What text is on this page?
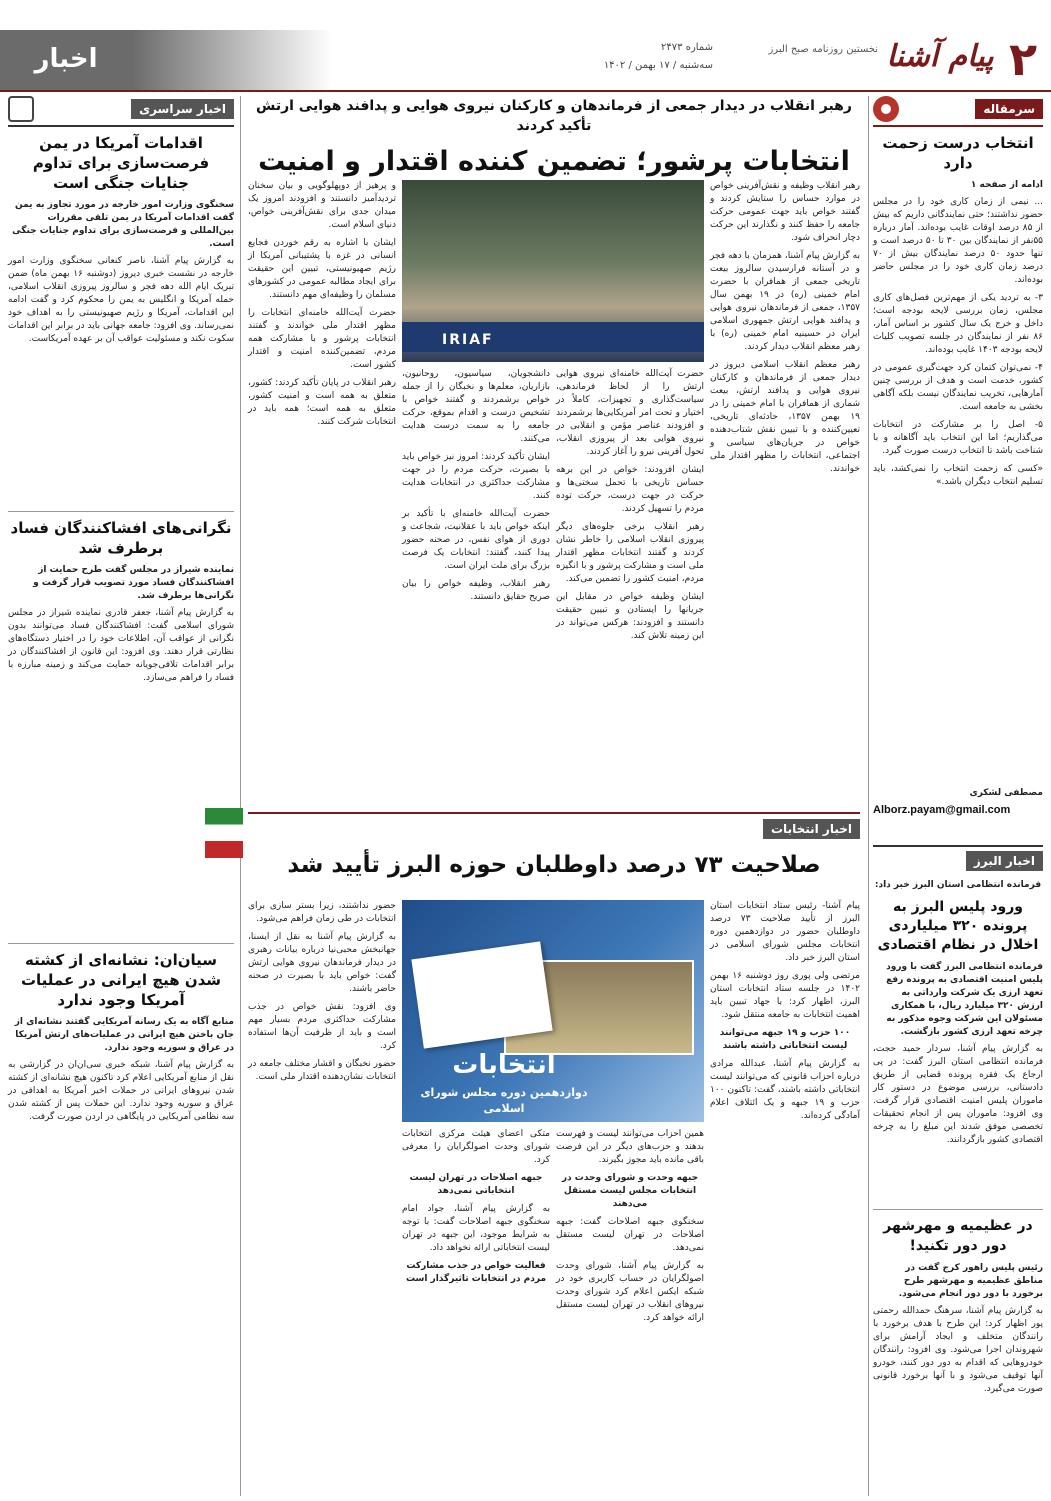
۲
پیام آشنا
نخستین روزنامه صبح البرز
شماره ۲۴۷۳
سه‌شنبه / ۱۷ بهمن / ۱۴۰۲
اخبار
سرمقاله
انتخاب درست زحمت دارد
ادامه از صفحه ۱

... نیمی از زمان کاری خود را در مجلس حضور نداشتند؛ حتی نمایندگانی داریم که بیش از ۸۵ درصد اوقات غایب بوده‌اند. آمار درباره ۵۵نفر از نمایندگان بین ۳۰ تا ۵۰ درصد است و تنها حدود ۵۰ درصد نمایندگان بیش از ۷۰ درصد زمان کاری خود را در مجلس حاضر بوده‌اند.

۳- به تردید یکی از مهم‌ترین فصل‌های کاری مجلس، زمان بررسی لایحه بودجه است؛ داخل و خرج یک سال کشور بر اساس آمار، ۸۶ نفر از نمایندگان در جلسه تصویب کلیات لایحه بودجه ۱۴۰۳ غایب بوده‌اند.

۴- نمی‌توان کتمان کرد جهت‌گیری عمومی در کشور، خدمت است و هدف از بررسی چنین آمارهایی، تخریب نمایندگان نیست بلکه آگاهی بخشی به جامعه است.

۵- اصل را بر مشارکت در انتخابات می‌گذاریم؛ اما این انتخاب باید آگاهانه و با شناخت باشد تا انتخاب درست صورت گیرد.

«کسی که زحمت انتخاب را نمی‌کشد، باید تسلیم انتخاب دیگران باشد.»

مصطفی لشکری
Alborz.payam@gmail.com
رهبر انقلاب در دیدار جمعی از فرماندهان و کارکنان نیروی هوایی و پدافند هوایی ارتش تأکید کردند
انتخابات پرشور؛ تضمین کننده اقتدار و امنیت
IRIAF

رهبر انقلاب وظیفه و نقش‌آفرینی خواص در موارد حساس را ستایش کردند و گفتند خواص باید جهت عمومی حرکت جامعه را حفظ کنند و نگذارند این حرکت دچار انحراف شود.

به گزارش پیام آشنا، همزمان با دهه فجر و در آستانه فرارسیدن سالروز بیعت تاریخی جمعی از همافران با حضرت امام خمینی (ره) در ۱۹ بهمن سال ۱۳۵۷، جمعی از فرماندهان نیروی هوایی و پدافند هوایی ارتش جمهوری اسلامی ایران در حسینیه امام خمینی (ره) با رهبر معظم انقلاب دیدار کردند.

رهبر معظم انقلاب اسلامی دیروز در دیدار جمعی از فرماندهان و کارکنان نیروی هوایی و پدافند ارتش، بیعت شماری از همافران با امام خمینی را در ۱۹ بهمن ۱۳۵۷، حادثه‌ای تاریخی، تعیین‌کننده و با تبیین نقش شتاب‌دهنده خواص در جریان‌های سیاسی و اجتماعی، انتخابات را مظهر اقتدار ملی خواندند.

حضرت آیت‌الله خامنه‌ای نیروی هوایی ارتش را از لحاظ فرماندهی، سیاست‌گذاری و تجهیزات، کاملاً در اختیار و تحت امر آمریکایی‌ها برشمردند و افزودند عناصر مؤمن و انقلابی در نیروی هوایی بعد از پیروزی انقلاب، تحول آفرینی نیرو را آغاز کردند.

ایشان افزودند: خواص در این برهه حساس تاریخی با تحمل سختی‌ها و حرکت در جهت درست، حرکت توده مردم را تسهیل کردند.

رهبر انقلاب برخی جلوه‌های دیگر پیروزی انقلاب اسلامی را خاطر نشان کردند و گفتند انتخابات مظهر اقتدار ملی است و مشارکت پرشور و با انگیزه مردم، امنیت کشور را تضمین می‌کند.

ایشان وظیفه خواص در مقابل این جریانها را ایستادن و تبیین حقیقت دانستند و افزودند: هرکس می‌تواند در این زمینه تلاش کند.

دانشجویان، سیاسیون، روحانیون، بازاریان، معلم‌ها و نخبگان را از جمله خواص برشمردند و گفتند خواص با تشخیص درست و اقدام بموقع، حرکت جامعه را به سمت درست هدایت می‌کنند.

ایشان تأکید کردند: امروز نیز خواص باید با بصیرت، حرکت مردم را در جهت مشارکت حداکثری در انتخابات هدایت کنند.

حضرت آیت‌الله خامنه‌ای با تأکید بر اینکه خواص باید با عقلانیت، شجاعت و دوری از هوای نفس، در صحنه حضور پیدا کنند، گفتند: انتخابات یک فرصت بزرگ برای ملت ایران است.

رهبر انقلاب، وظیفه خواص را بیان صریح حقایق دانستند.

و پرهیز از دوپهلوگویی و بیان سخنان تردیدآمیز دانستند و افزودند امروز یک میدان جدی برای نقش‌آفرینی خواص، دنیای اسلام است.

ایشان با اشاره به رقم خوردن فجایع انسانی در غزه با پشتیبانی آمریکا از رژیم صهیونیستی، تبیین این حقیقت برای ایجاد مطالبه عمومی در کشورهای مسلمان را وظیفه‌ای مهم دانستند.

حضرت آیت‌الله خامنه‌ای انتخابات را مظهر اقتدار ملی خواندند و گفتند انتخابات پرشور و با مشارکت همه مردم، تضمین‌کننده امنیت و اقتدار کشور است.

رهبر انقلاب در پایان تأکید کردند: کشور، متعلق به همه است و امنیت کشور، متعلق به همه است؛ همه باید در انتخابات شرکت کنند.

اخبار سراسری
اقدامات آمریکا در یمن فرصت‌سازی برای تداوم جنایات جنگی است
سخنگوی وزارت امور خارجه در مورد تجاوز به یمن گفت اقدامات آمریکا در یمن تلقی مقررات بین‌المللی و فرصت‌سازی برای تداوم جنایات جنگی است.
به گزارش پیام آشنا، ناصر کنعانی سخنگوی وزارت امور خارجه در نشست خبری دیروز (دوشنبه ۱۶ بهمن ماه) ضمن تبریک ایام الله دهه فجر و سالروز پیروزی انقلاب اسلامی، حمله آمریکا و انگلیس به یمن را محکوم کرد و گفت ادامه این اقدامات، آمریکا و رژیم صهیونیستی را به اهداف خود نمی‌رساند. وی افزود: جامعه جهانی باید در برابر این اقدامات سکوت نکند و مسئولیت عواقب آن بر عهده آمریکاست.
نگرانی‌های افشاکنندگان فساد برطرف شد
نماینده شیراز در مجلس گفت طرح حمایت از افشاکنندگان فساد مورد تصویب قرار گرفت و نگرانی‌ها برطرف شد.
به گزارش پیام آشنا، جعفر قادری نماینده شیراز در مجلس شورای اسلامی گفت: افشاکنندگان فساد می‌توانند بدون نگرانی از عواقب آن، اطلاعات خود را در اختیار دستگاه‌های نظارتی قرار دهند. وی افزود: این قانون از افشاکنندگان در برابر اقدامات تلافی‌جویانه حمایت می‌کند و زمینه مبارزه با فساد را فراهم می‌سازد.
سیان‌ان: نشانه‌ای از کشته شدن هیچ ایرانی در عملیات آمریکا وجود ندارد
منابع آگاه به یک رسانه آمریکایی گفتند نشانه‌ای از جان باختن هیچ ایرانی در عملیات‌های ارتش آمریکا در عراق و سوریه وجود ندارد.
به گزارش پیام آشنا، شبکه خبری سی‌ان‌ان در گزارشی به نقل از منابع آمریکایی اعلام کرد تاکنون هیچ نشانه‌ای از کشته شدن نیروهای ایرانی در حملات اخیر آمریکا به اهدافی در عراق و سوریه وجود ندارد. این حملات پس از کشته شدن سه نظامی آمریکایی در پایگاهی در اردن صورت گرفت.
اخبار انتخابات
صلاحیت ۷۳ درصد داوطلبان حوزه البرز تأیید شد
انتخابات
دوازدهمین دوره مجلس شورای اسلامی

پیام آشنا- رئیس ستاد انتخابات استان البرز از تأیید صلاحیت ۷۳ درصد داوطلبان حضور در دوازدهمین دوره انتخابات مجلس شورای اسلامی در استان البرز خبر داد.

مرتضی ولی پوری روز دوشنبه ۱۶ بهمن ۱۴۰۲ در جلسه ستاد انتخابات استان البرز، اظهار کرد: با جهاد تبیین باید اهمیت انتخابات به جامعه منتقل شود.

۱۰۰ حزب و ۱۹ جبهه می‌توانند لیست انتخاباتی داشته باشند

به گزارش پیام آشنا، عبدالله مرادی درباره احزاب قانونی که می‌توانند لیست انتخاباتی داشته باشند، گفت: تاکنون ۱۰۰ حزب و ۱۹ جبهه و یک ائتلاف اعلام آمادگی کرده‌اند.

همین احزاب می‌توانند لیست و فهرست بدهند و حزب‌های دیگر در این فرصت باقی مانده باید مجوز بگیرند.

جبهه وحدت و شورای وحدت در انتخابات مجلس لیست مستقل می‌دهند

سخنگوی جبهه اصلاحات گفت: جبهه اصلاحات در تهران لیست مستقل نمی‌دهد.

به گزارش پیام آشنا، شورای وحدت اصولگرایان در حساب کاربری خود در شبکه ایکس اعلام کرد شورای وحدت نیروهای انقلاب در تهران لیست مستقل ارائه خواهد کرد.

متکی اعضای هیئت مرکزی انتخابات شورای وحدت اصولگرایان را معرفی کرد.

جبهه اصلاحات در تهران لیست انتخاباتی نمی‌دهد

به گزارش پیام آشنا، جواد امام سخنگوی جبهه اصلاحات گفت: با توجه به شرایط موجود، این جبهه در تهران لیست انتخاباتی ارائه نخواهد داد.

فعالیت خواص در جذب مشارکت مردم در انتخابات تاثیرگذار است

حضور نداشتند، زیرا بستر سازی برای انتخابات در طی زمان فراهم می‌شود.

به گزارش پیام آشنا به نقل از ایسنا، جهانبخش محبی‌نیا درباره بیانات رهبری در دیدار فرماندهان نیروی هوایی ارتش گفت: خواص باید با بصیرت در صحنه حاضر باشند.

وی افزود: نقش خواص در جذب مشارکت حداکثری مردم بسیار مهم است و باید از ظرفیت آن‌ها استفاده کرد.

حضور نخبگان و اقشار مختلف جامعه در انتخابات نشان‌دهنده اقتدار ملی است.

اخبار البرز
فرمانده انتظامی استان البرز خبر داد:
ورود پلیس البرز به پرونده ۳۲۰ میلیاردی اخلال در نظام اقتصادی
فرمانده انتظامی البرز گفت با ورود پلیس امنیت اقتصادی به پرونده رفع تعهد ارزی یک شرکت وارداتی به ارزش ۳۲۰ میلیارد ریال، با همکاری مسئولان این شرکت وجوه مذکور به چرخه تعهد ارزی کشور بازگشت.
به گزارش پیام آشنا، سردار حمید حجت، فرمانده انتظامی استان البرز گفت: در پی ارجاع یک فقره پرونده قضایی از طریق دادستانی، بررسی موضوع در دستور کار ماموران پلیس امنیت اقتصادی قرار گرفت. وی افزود: ماموران پس از انجام تحقیقات تخصصی موفق شدند این مبلغ را به چرخه اقتصادی کشور بازگردانند.
در عظیمیه و مهرشهر دور دور تکنید!
رئیس پلیس راهور کرج گفت در مناطق عظیمیه و مهرشهر طرح برخورد با دور دور انجام می‌شود.
به گزارش پیام آشنا، سرهنگ حمدالله رحمتی پور اظهار کرد: این طرح با هدف برخورد با رانندگان متخلف و ایجاد آرامش برای شهروندان اجرا می‌شود. وی افزود: رانندگان خودروهایی که اقدام به دور دور کنند، خودرو آنها توقیف می‌شود و با آنها برخورد قانونی صورت می‌گیرد.
